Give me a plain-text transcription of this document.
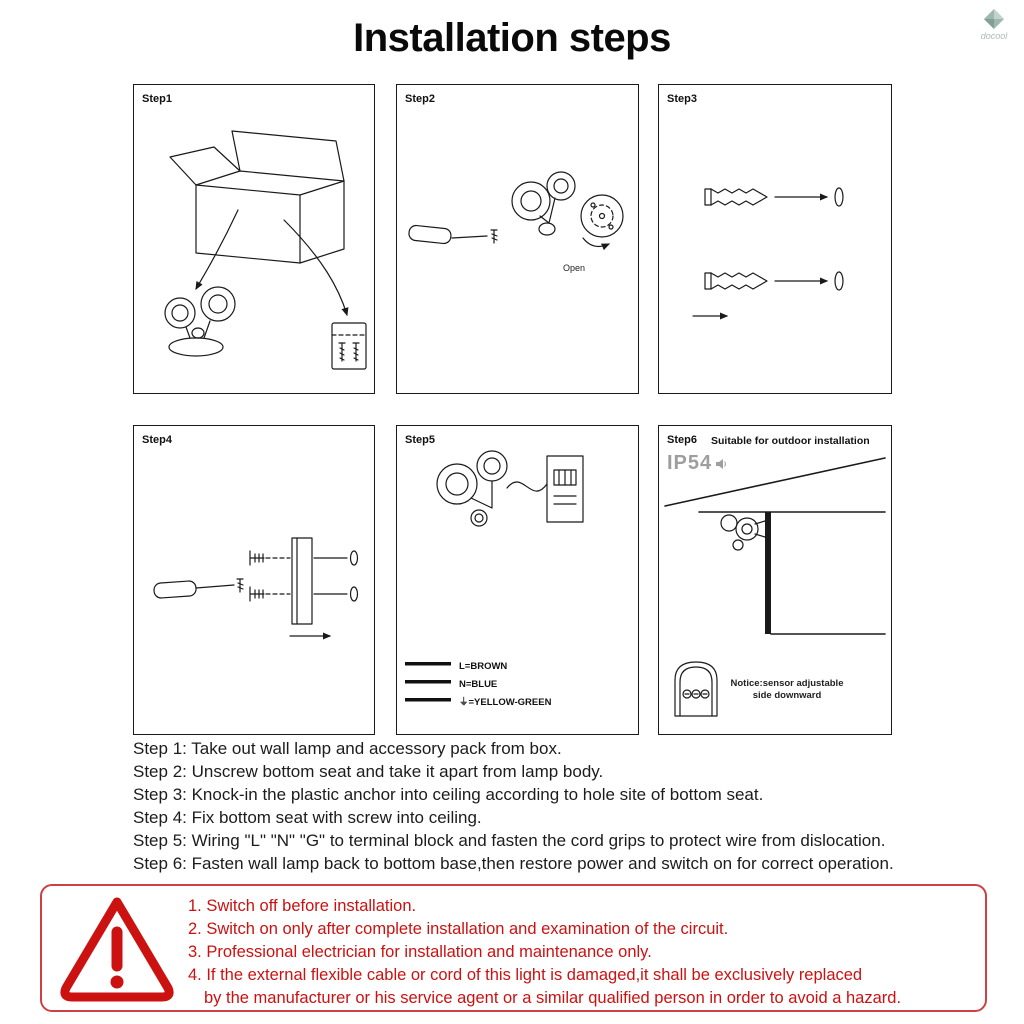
Installation steps	docool
Step1	Step2
Open
Step3
Step4	Step5
L=BROWN
N=BLUE
⏚=YELLOW-GREEN
Step6 Suitable for outdoor installation
IP54
Notice:sensor adjustable
side downward
Step 1: Take out wall lamp and accessory pack from box.
Step 2: Unscrew bottom seat and take it apart from lamp body.
Step 3: Knock-in the plastic anchor into ceiling according to hole site of bottom seat.
Step 4: Fix bottom seat with screw into ceiling.
Step 5: Wiring "L" "N" "G" to terminal block and fasten the cord grips to protect wire from dislocation.
Step 6: Fasten wall lamp back to bottom base,then restore power and switch on for correct operation.
1. Switch off before installation.
2. Switch on only after complete installation and examination of the circuit.
3. Professional electrician for installation and maintenance only.
4. If the external flexible cable or cord of this light is damaged,it shall be exclusively replaced
by the manufacturer or his service agent or a similar qualified person in order to avoid a hazard.
